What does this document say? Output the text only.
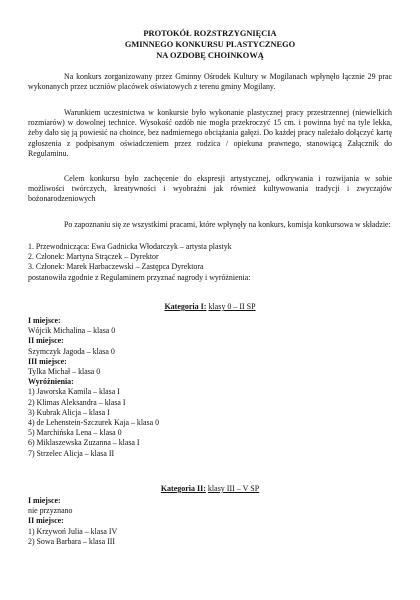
PROTOKÓŁ ROZSTRZYGNIĘCIA
GMINNEGO KONKURSU PLASTYCZNEGO
NA OZDOBĘ CHOINKOWĄ
Na konkurs zorganizowany przez Gminny Ośrodek Kultury w Mogilanach wpłynęło łącznie 29 prac wykonanych przez uczniów placówek oświatowych z terenu gminy Mogilany.
Warunkiem uczestnictwa w konkursie było wykonanie plastycznej pracy przestrzennej (niewielkich rozmiarów) w dowolnej technice. Wysokość ozdób nie mogła przekroczyć 15 cm. i powinna być na tyle lekka, żeby dało się ją powiesić na choince, bez nadmiernego obciążania gałęzi. Do każdej pracy należało dołączyć kartę zgłoszenia z podpisanym oświadczeniem przez rodzica / opiekuna prawnego, stanowiącą Załącznik do Regulaminu.
Celem konkursu było zachęcenie do ekspresji artystycznej, odkrywania i rozwijania w sobie możliwości twórczych, kreatywności i wyobraźni jak również kultywowania tradycji i zwyczajów bożonarodzeniowych
Po zapoznaniu się ze wszystkimi pracami, które wpłynęły na konkurs, komisja konkursowa w składzie:
1. Przewodnicząca: Ewa Gadnicka Włodarczyk – artysta plastyk
2. Członek: Martyna Strączek – Dyrektor
3. Członek: Marek Harbaczewski – Zastępca Dyrektora
postanowiła zgodnie z Regulaminem przyznać nagrody i wyróżnienia:
Kategoria I: klasy 0 – II SP
I miejsce:
Wójcik Michalina – klasa 0
II miejsce:
Szymczyk Jagoda – klasa 0
III miejsce:
Tylka Michał – klasa 0
Wyróżnienia:
1) Jaworska Kamila – klasa I
2) Klimas Aleksandra – klasa I
3) Kubrak Alicja – klasa I
4) de Lehenstein-Szczurek Kaja – klasa 0
5) Marchińska Lena – klasa 0
6) Miklaszewska Zuzanna – klasa I
7) Strzelec Alicja – klasa II
Kategoria II: klasy III – V SP
I miejsce:
nie przyznano
II miejsce:
1) Krzywoń Julia – klasa IV
2) Sowa Barbara – klasa III
